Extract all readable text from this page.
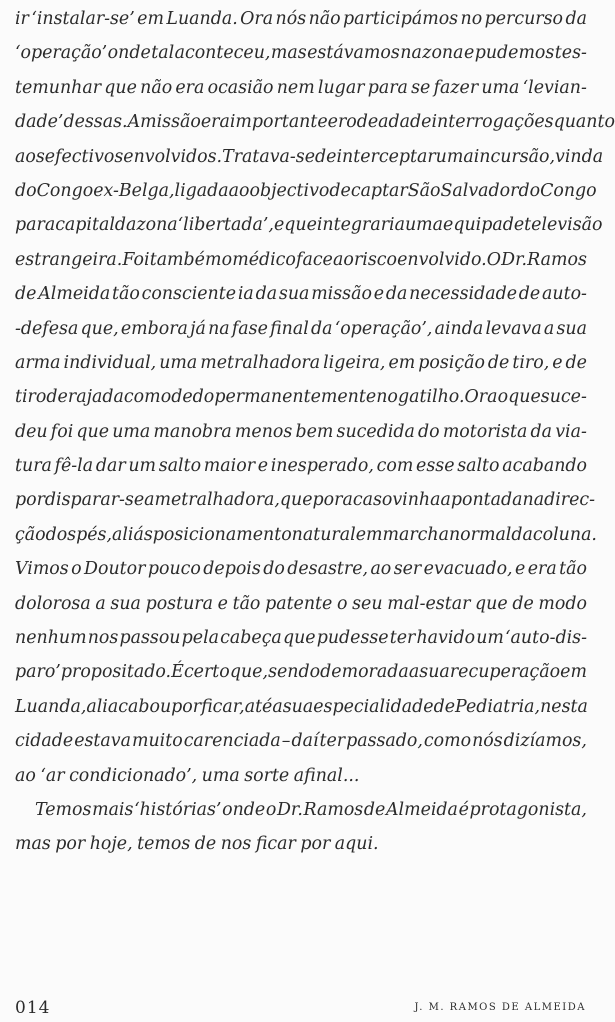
ir ‘instalar-se’ em Luanda. Ora nós não participámos no percurso da
‘operação’ onde tal aconteceu, mas estávamos na zona e pudemos tes-
temunhar que não era ocasião nem lugar para se fazer uma ‘levian-
dade’ dessas. A missão era importante e rodeada de interrogações quanto
aos efectivos envolvidos. Tratava-se de interceptar uma incursão, vinda
do Congo ex-Belga, ligada ao objectivo de captar São Salvador do Congo
para capital da zona ‘libertada’, e que integraria uma equipa de televisão
estrangeira. Foi também o médico face ao risco envolvido. O Dr. Ramos
de Almeida tão consciente ia da sua missão e da necessidade de auto-
-defesa que, embora já na fase final da ‘operação’, ainda levava a sua
arma individual, uma metralhadora ligeira, em posição de tiro, e de
tiro de rajada com o dedo permanentemente no gatilho. Ora o que suce-
deu foi que uma manobra menos bem sucedida do motorista da via-
tura fê-la dar um salto maior e inesperado, com esse salto acabando
por disparar-se a metralhadora, que por acaso vinha apontada na direc-
ção dos pés, aliás posicionamento natural em marcha normal da coluna.
Vimos o Doutor pouco depois do desastre, ao ser evacuado, e era tão
dolorosa a sua postura e tão patente o seu mal-estar que de modo
nenhum nos passou pela cabeça que pudesse ter havido um ‘auto-dis-
paro’ propositado. É certo que, sendo demorada a sua recuperação em
Luanda, ali acabou por ficar, até a sua especialidade de Pediatria, nesta
cidade estava muito carenciada – daí ter passado, como nós dizíamos,
ao ‘ar condicionado’, uma sorte afinal...
Temos mais ‘histórias’ onde o Dr. Ramos de Almeida é protagonista,
mas por hoje, temos de nos ficar por aqui.
014	J. M. RAMOS DE ALMEIDA
